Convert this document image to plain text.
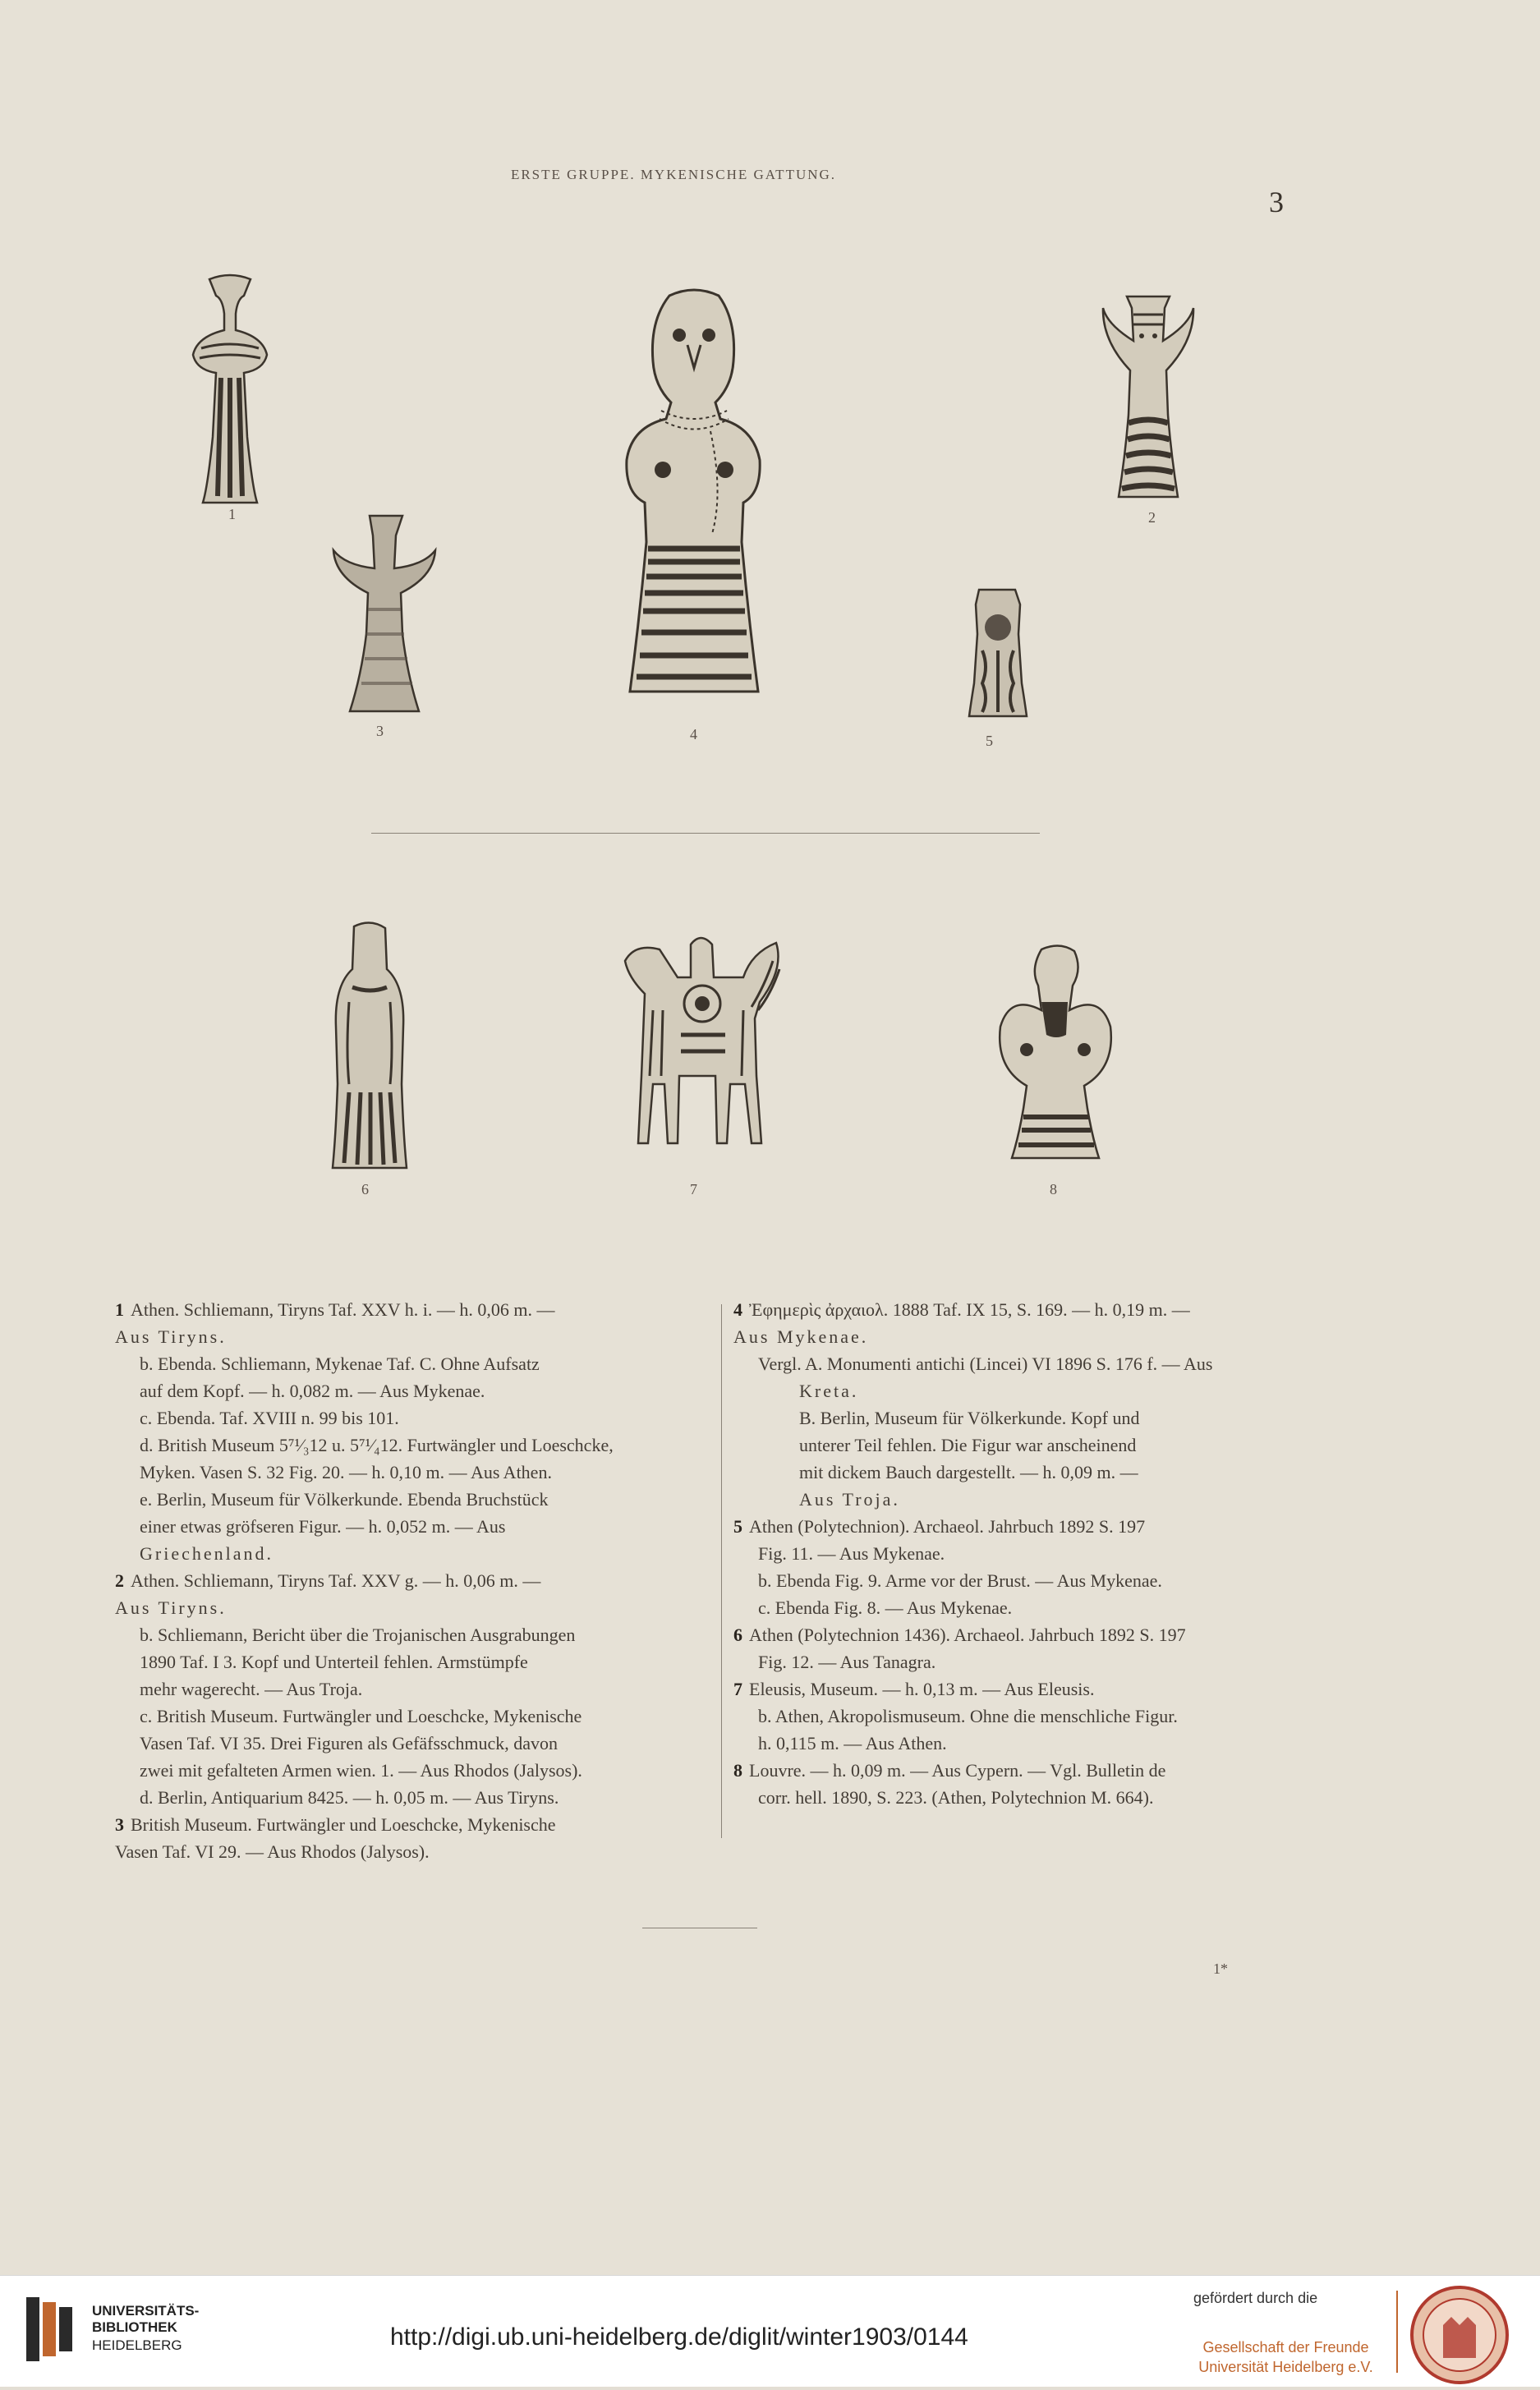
ERSTE GRUPPE. MYKENISCHE GATTUNG.
3
1	2
3	4	5
6	7	8
1 Athen. Schliemann, Tiryns Taf. XXV h. i. — h. 0,06 m. —
Aus Tiryns.
b. Ebenda. Schliemann, Mykenae Taf. C. Ohne Aufsatz
auf dem Kopf. — h. 0,082 m. — Aus Mykenae.
c. Ebenda. Taf. XVIII n. 99 bis 101.
d. British Museum 5⁷¹⁄₃12 u. 5⁷¹⁄₄12. Furtwängler und Loeschcke,
Myken. Vasen S. 32 Fig. 20. — h. 0,10 m. — Aus Athen.
e. Berlin, Museum für Völkerkunde. Ebenda Bruchstück
einer etwas gröfseren Figur. — h. 0,052 m. — Aus
Griechenland.
2 Athen. Schliemann, Tiryns Taf. XXV g. — h. 0,06 m. —
Aus Tiryns.
b. Schliemann, Bericht über die Trojanischen Ausgrabungen
1890 Taf. I 3. Kopf und Unterteil fehlen. Armstümpfe
mehr wagerecht. — Aus Troja.
c. British Museum. Furtwängler und Loeschcke, Mykenische
Vasen Taf. VI 35. Drei Figuren als Gefäfsschmuck, davon
zwei mit gefalteten Armen wien. 1. — Aus Rhodos (Jalysos).
d. Berlin, Antiquarium 8425. — h. 0,05 m. — Aus Tiryns.
3 British Museum. Furtwängler und Loeschcke, Mykenische
Vasen Taf. VI 29. — Aus Rhodos (Jalysos).
4 Ἐφημερὶς ἀρχαιολ. 1888 Taf. IX 15, S. 169. — h. 0,19 m. —
Aus Mykenae.
Vergl. A. Monumenti antichi (Lincei) VI 1896 S. 176 f. — Aus
Kreta.
B. Berlin, Museum für Völkerkunde. Kopf und
unterer Teil fehlen. Die Figur war anscheinend
mit dickem Bauch dargestellt. — h. 0,09 m. —
Aus Troja.
5 Athen (Polytechnion). Archaeol. Jahrbuch 1892 S. 197
Fig. 11. — Aus Mykenae.
b. Ebenda Fig. 9. Arme vor der Brust. — Aus Mykenae.
c. Ebenda Fig. 8. — Aus Mykenae.
6 Athen (Polytechnion 1436). Archaeol. Jahrbuch 1892 S. 197
Fig. 12. — Aus Tanagra.
7 Eleusis, Museum. — h. 0,13 m. — Aus Eleusis.
b. Athen, Akropolismuseum. Ohne die menschliche Figur.
h. 0,115 m. — Aus Athen.
8 Louvre. — h. 0,09 m. — Aus Cypern. — Vgl. Bulletin de
corr. hell. 1890, S. 223. (Athen, Polytechnion M. 664).
1*
UNIVERSITÄTS-
BIBLIOTHEK
HEIDELBERG	http://digi.ub.uni-heidelberg.de/diglit/winter1903/0144
gefördert durch die
Gesellschaft der Freunde
Universität Heidelberg e.V.
